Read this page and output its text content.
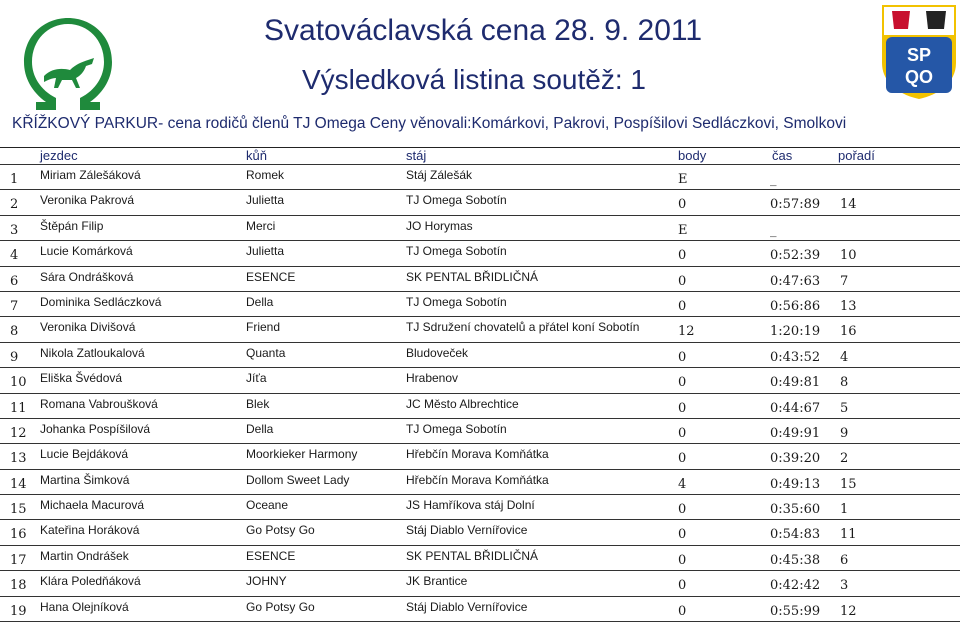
SP
QO
Svatováclavská cena 28. 9. 2011
Výsledková listina soutěž: 1
KŘÍŽKOVÝ PARKUR- cena rodičů členů TJ Omega Ceny věnovali:Komárkovi, Pakrovi, Pospíšilovi Sedláczkovi, Smolkovi
jezdec	kůň	stáj	body	čas	pořadí
1 Miriam Zálešáková	Romek	Stáj Zálešák	E	_
2 Veronika Pakrová	Julietta	TJ Omega Sobotín	0	0:57:89 14
3 Štěpán Filip	Merci	JO Horymas	E	_
4 Lucie Komárková	Julietta	TJ Omega Sobotín	0	0:52:39 10
6 Sára Ondrášková	ESENCE	SK PENTAL BŘIDLIČNÁ	0	0:47:63 7
7 Dominika Sedláczková	Della	TJ Omega Sobotín	0	0:56:86 13
8 Veronika Divišová	Friend	TJ Sdružení chovatelů a přátel koní Sobotín	12	1:20:19 16
9 Nikola Zatloukalová	Quanta	Bludoveček	0	0:43:52 4
10 Eliška Švédová	Jíťa	Hrabenov	0	0:49:81 8
11 Romana Vabroušková	Blek	JC Město Albrechtice	0	0:44:67 5
12 Johanka Pospíšilová	Della	TJ Omega Sobotín	0	0:49:91 9
13 Lucie Bejdáková	Moorkieker Harmony	Hřebčín Morava Komňátka	0	0:39:20 2
14 Martina Šimková	Dollom Sweet Lady	Hřebčín Morava Komňátka	4	0:49:13 15
15 Michaela Macurová	Oceane	JS Hamříkova stáj Dolní	0	0:35:60 1
16 Kateřina Horáková	Go Potsy Go	Stáj Diablo Vernířovice	0	0:54:83 11
17 Martin Ondrášek	ESENCE	SK PENTAL BŘIDLIČNÁ	0	0:45:38 6
18 Klára Poledňáková	JOHNY	JK Brantice	0	0:42:42 3
19 Hana Olejníková	Go Potsy Go	Stáj Diablo Vernířovice	0	0:55:99 12
